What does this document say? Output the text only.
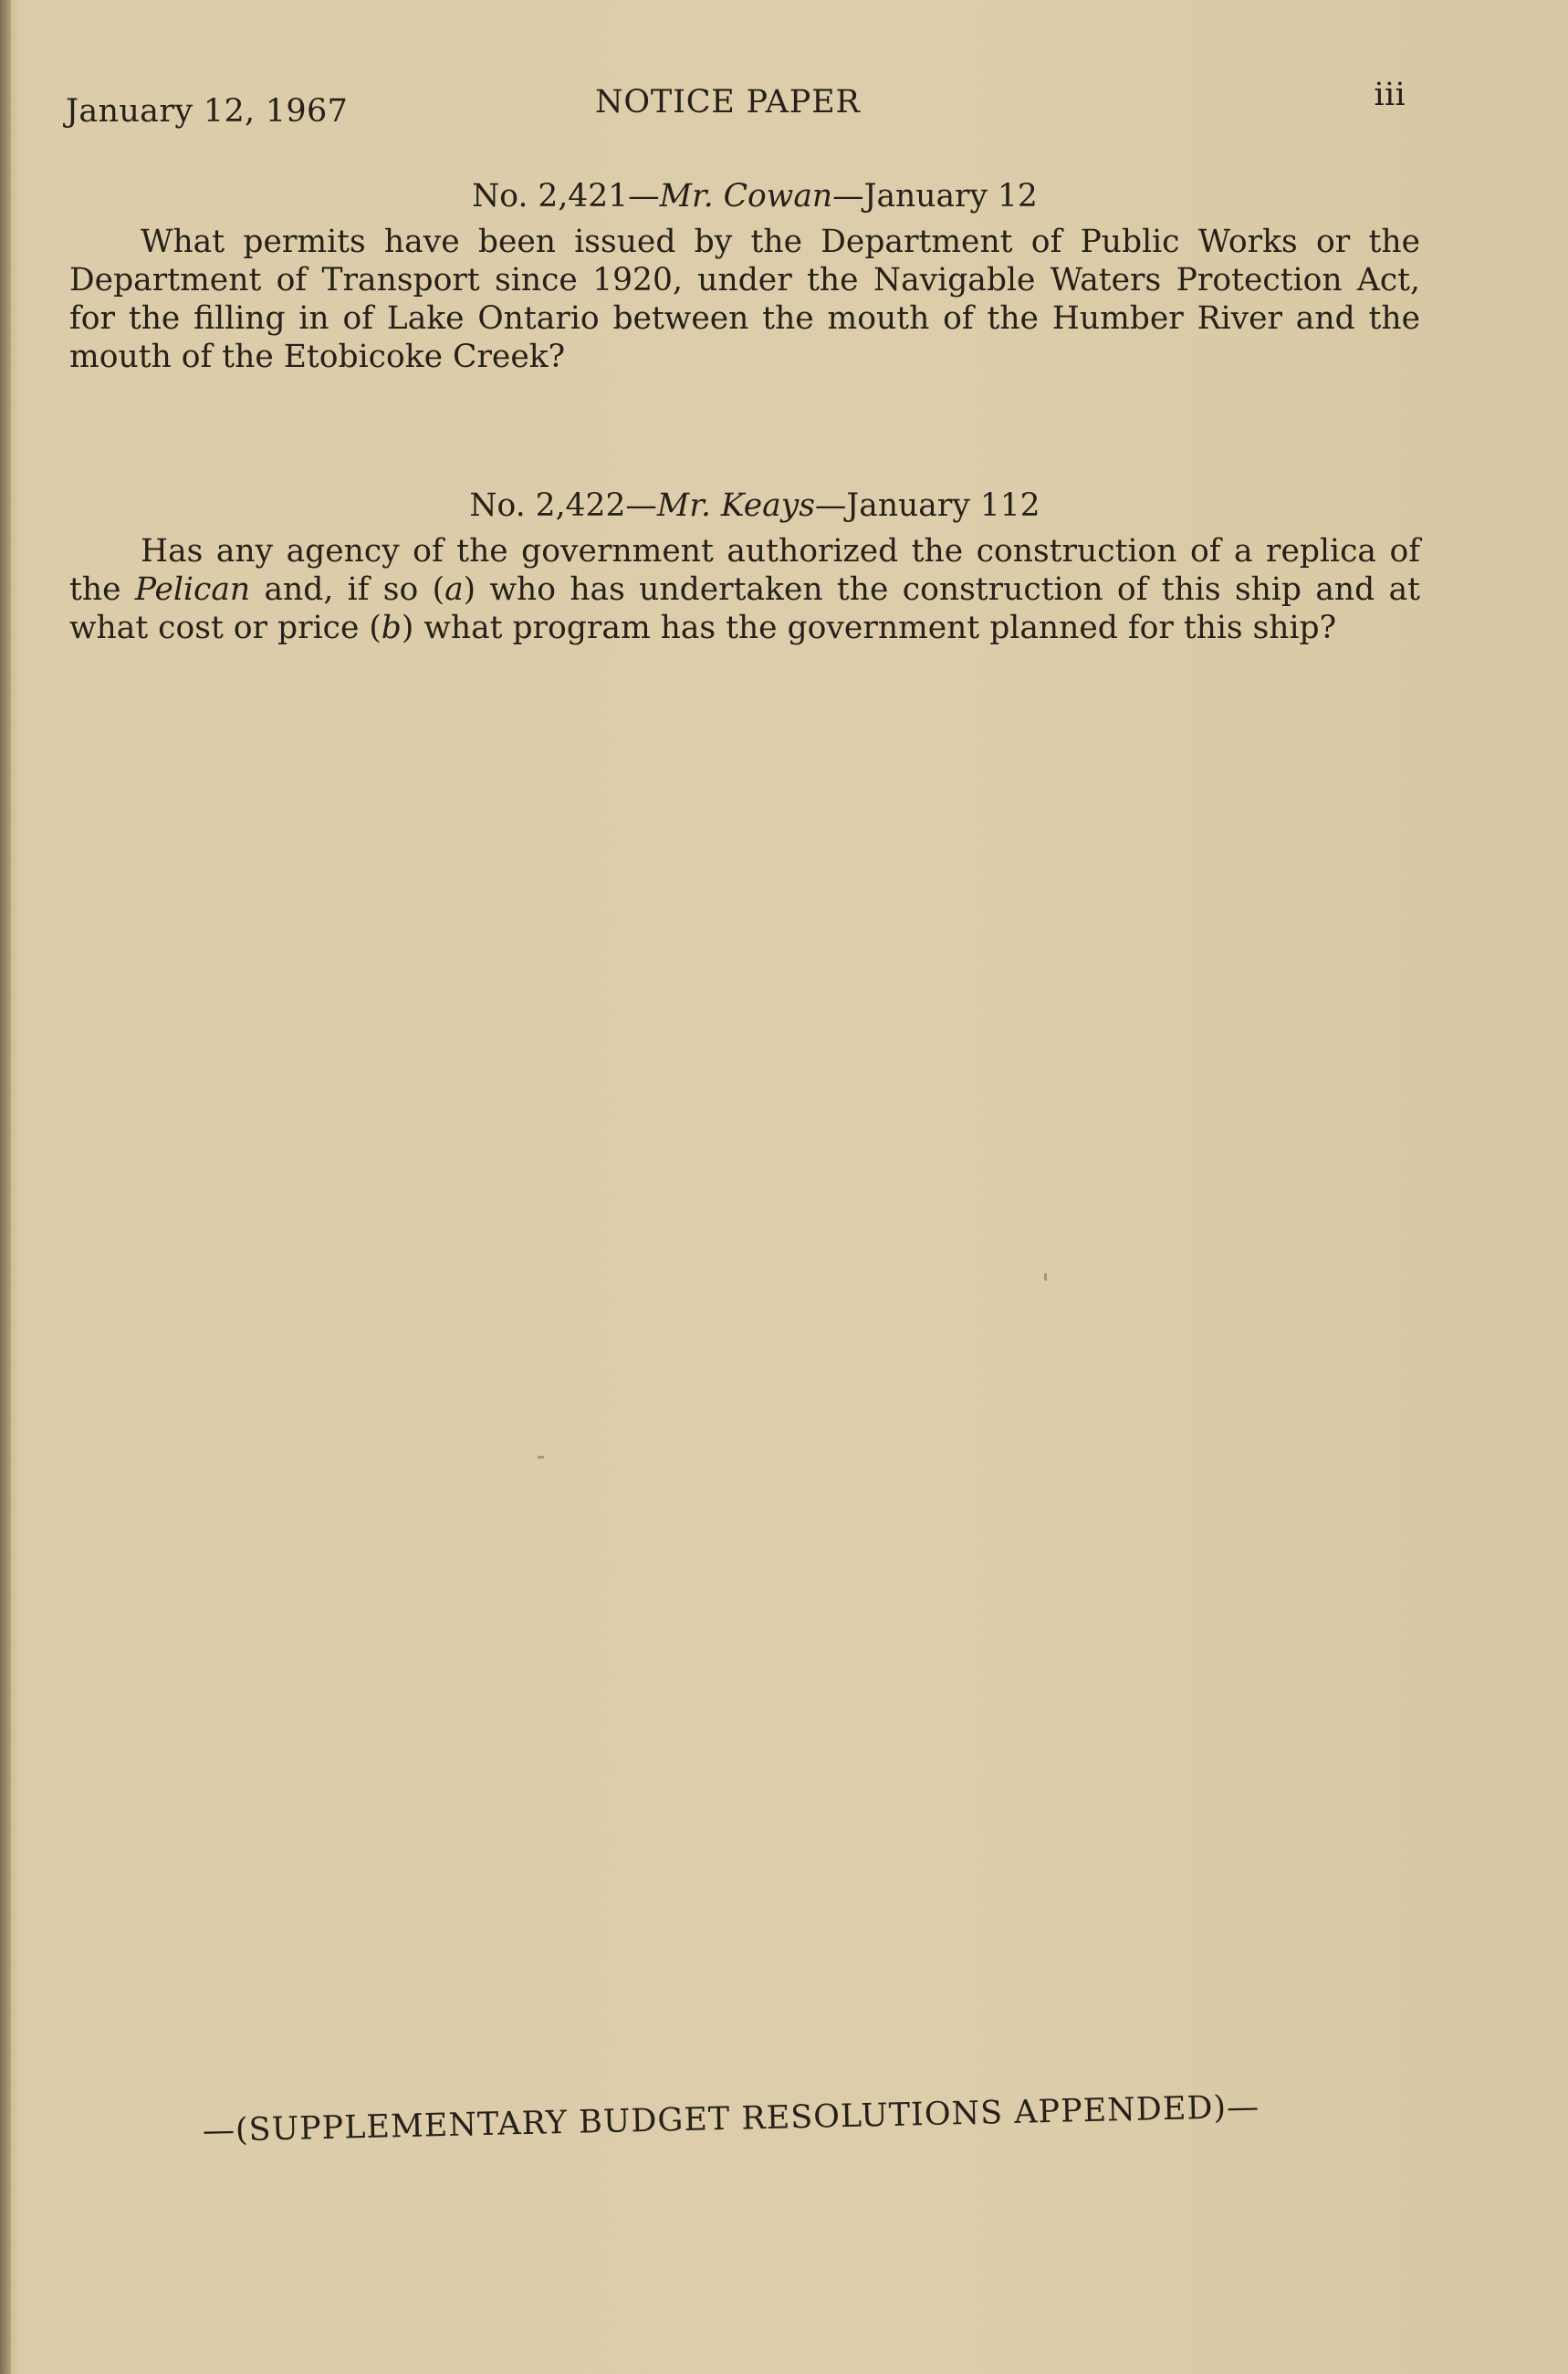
January 12, 1967	NOTICE PAPER	iii

No. 2,421—Mr. Cowan—January 12

What permits have been issued by the Department of Public Works or the Department of Transport since 1920, under the Navigable Waters Protection Act, for the filling in of Lake Ontario between the mouth of the Humber River and the mouth of the Etobicoke Creek?

No. 2,422—Mr. Keays—January 112

Has any agency of the government authorized the construction of a replica of the Pelican and, if so (a) who has undertaken the construction of this ship and at what cost or price (b) what program has the government planned for this ship?

—(SUPPLEMENTARY BUDGET RESOLUTIONS APPENDED)—
